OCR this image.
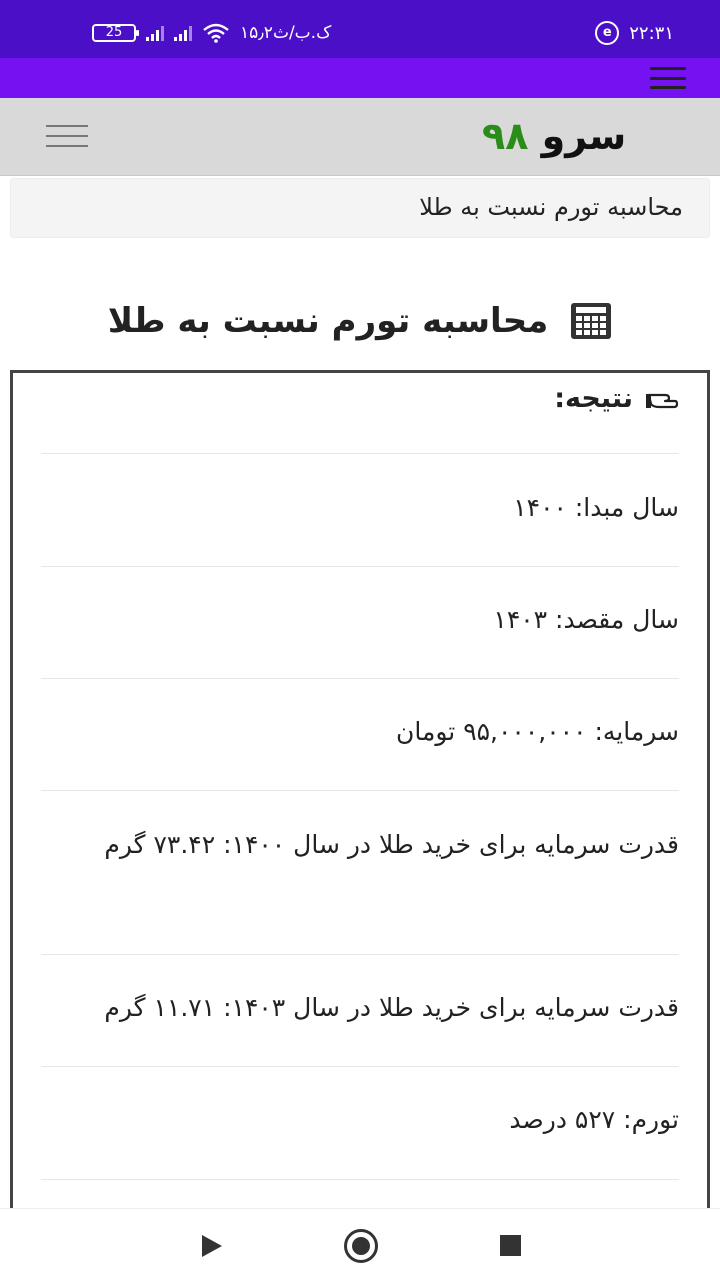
25	۱۵٫۲ک.ب/ث	e ۲۲:۳۱
سرو ۹۸
محاسبه تورم نسبت به طلا
محاسبه تورم نسبت به طلا
نتیجه:
سال مبدا: ۱۴۰۰
سال مقصد: ۱۴۰۳
سرمایه: ۹۵,۰۰۰,۰۰۰ تومان
قدرت سرمایه برای خرید طلا در سال ۱۴۰۰: ۷۳.۴۲ گرم
قدرت سرمایه برای خرید طلا در سال ۱۴۰۳: ۱۱.۷۱ گرم
تورم: ۵۲۷ درصد
